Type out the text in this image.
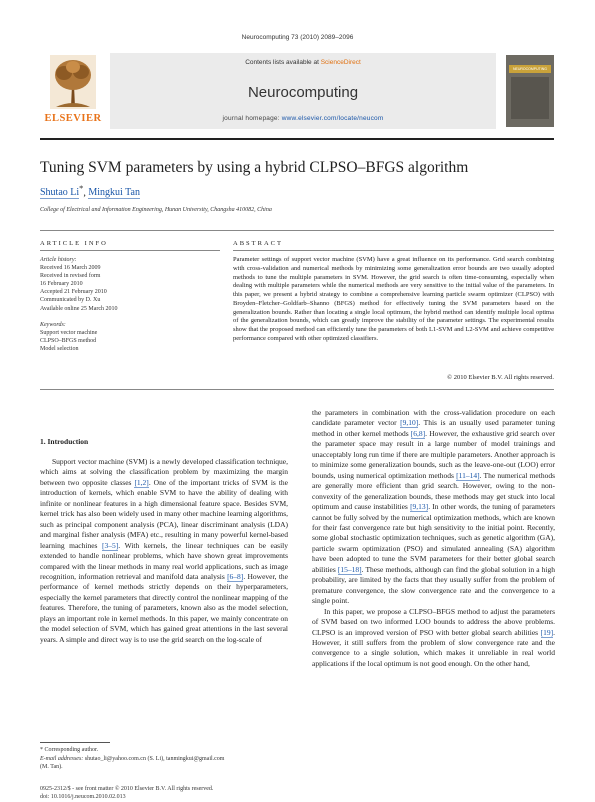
Neurocomputing 73 (2010) 2089–2096
ELSEVIER
Contents lists available at ScienceDirect
Neurocomputing
journal homepage: www.elsevier.com/locate/neucom
NEUROCOMPUTING
Tuning SVM parameters by using a hybrid CLPSO–BFGS algorithm
Shutao Li*, Mingkui Tan
College of Electrical and Information Engineering, Hunan University, Changsha 410082, China
ARTICLE INFO	ABSTRACT
Article history:
Received 16 March 2009
Received in revised form
16 February 2010
Accepted 21 February 2010
Communicated by D. Xu
Available online 25 March 2010
Keywords:
Support vector machine
CLPSO–BFGS method
Model selection
Parameter settings of support vector machine (SVM) have a great influence on its performance. Grid search combining with cross-validation and numerical methods by minimizing some generalization error bounds are two usually adopted methods to tune the multiple parameters in SVM. However, the grid search is often time-consuming, especially when dealing with multiple parameters while the numerical methods are very sensitive to the initial value of the parameters. In this paper, we present a hybrid strategy to combine a comprehensive learning particle swarm optimizer (CLPSO) with Broyden–Fletcher–Goldfarb–Shanno (BFGS) method for effectively tuning the SVM parameters based on the generalization bounds. Rather than locating a single local optimum, the hybrid method can identify multiple local optima of the generalization bounds, which can greatly improve the stability of the parameter settings. The experimental results show that the proposed method can efficiently tune the parameters of both L1-SVM and L2-SVM and achieve competitive performance compared with other optimized classifiers.
© 2010 Elsevier B.V. All rights reserved.
1. Introduction

Support vector machine (SVM) is a newly developed classification technique, which aims at solving the classification problem by maximizing the margin between two opposite classes [1,2]. One of the important tricks of SVM is the introduction of kernels, which enable SVM to have the ability of dealing with infinite or nonlinear features in a high dimensional feature space. Besides SVM, kernel trick has also been widely used in many other machine learning algorithms, such as principal component analysis (PCA), linear discriminant analysis (LDA) and marginal fisher analysis (MFA) etc., resulting in many powerful kernel-based learning machines [3–5]. With kernels, the linear techniques can be easily extended to handle nonlinear problems, which have shown great improvements compared with the linear methods in many real world applications, such as image recognition, information retrieval and manifold data analysis [6–8]. However, the performance of kernel methods strictly depends on their hyperparameters, especially the kernel parameters that directly control the nonlinear mapping of the features. Therefore, the tuning of parameters, known also as the model selection, plays an important role in kernel methods. In this paper, we mainly concentrate on the model selection of SVM, which has gained great attentions in the last several years. A simple and direct way is to use the grid search on the log-scale of

the parameters in combination with the cross-validation procedure on each candidate parameter vector [9,10]. This is an usually used parameter tuning method in other kernel methods [6,8]. However, the exhaustive grid search over the parameter space may result in a large number of model trainings and unacceptably long run time if there are multiple parameters. Another approach is to minimize some generalization bounds, such as the leave-one-out (LOO) error bounds, using numerical optimization methods [11–14]. The numerical methods are generally more efficient than grid search. However, owing to the non-convexity of the generalization bounds, these methods may get stuck into local optimum and cause instabilities [9,13]. In other words, the tuning of parameters cannot be fully solved by the numerical optimization methods, which are known for their fast convergence rate but high sensitivity to the initial point. Recently, some global stochastic optimization techniques, such as genetic algorithm (GA), particle swarm optimization (PSO) and simulated annealing (SA) algorithm have been adopted to tune the SVM parameters for their better global search abilities [15–18]. These methods, although can find the global solution in a high probability, are limited by the facts that they usually suffer from the problem of premature convergence, the slow convergence rate and the convergence to a single point.

In this paper, we propose a CLPSO–BFGS method to adjust the parameters of SVM based on two informed LOO bounds to address the above problems. CLPSO is an improved version of PSO with better global search abilities [19]. However, it still suffers from the problem of slow convergence rate and the convergence to a single solution, which makes it unreliable in real world applications if the local optimum is not good enough. On the other hand,

* Corresponding author.
E-mail addresses: shutao_li@yahoo.com.cn (S. Li), tanmingkui@gmail.com
(M. Tan).
0925-2312/$ - see front matter © 2010 Elsevier B.V. All rights reserved.
doi: 10.1016/j.neucom.2010.02.013
